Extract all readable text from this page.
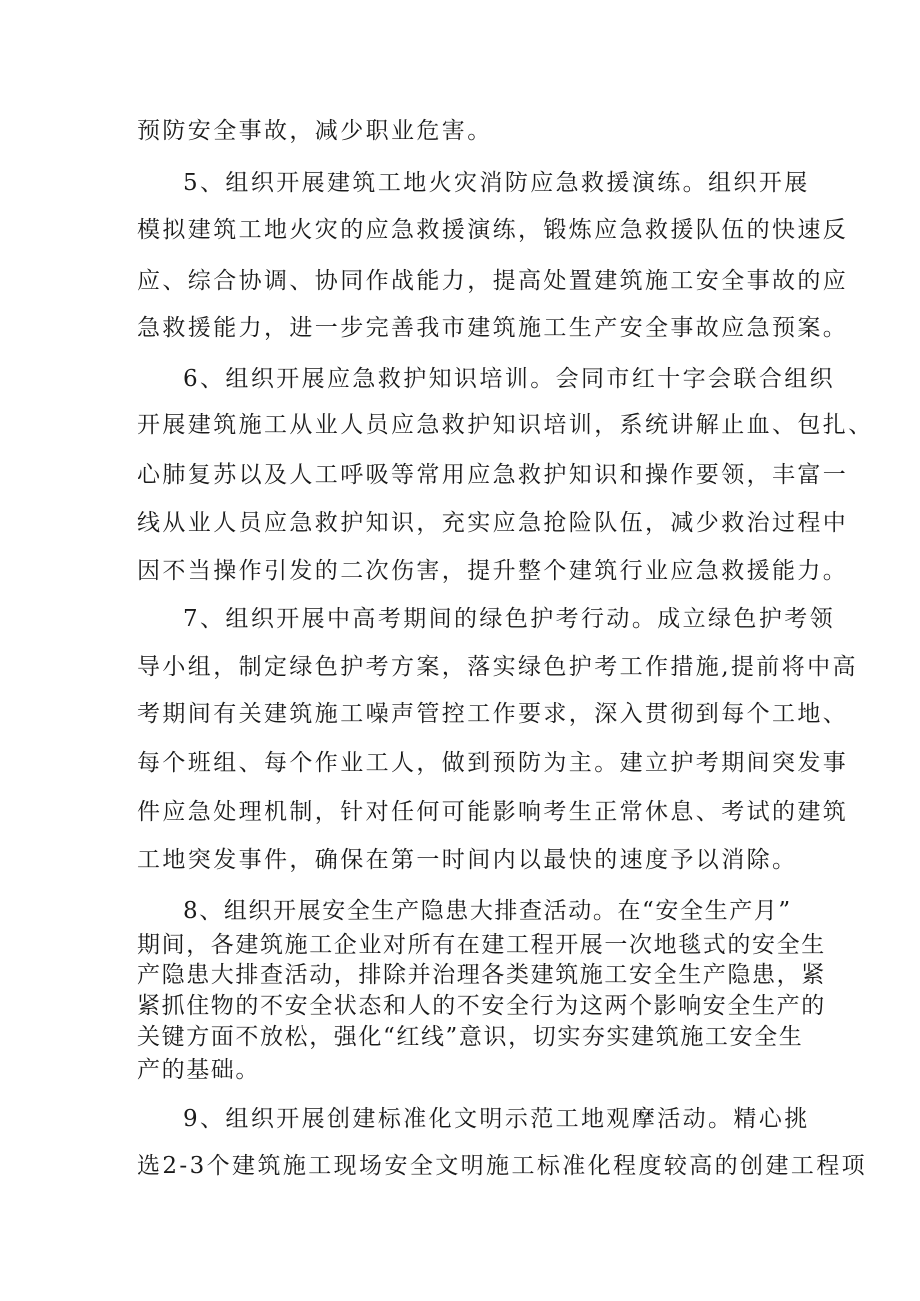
预防安全事故，减少职业危害。
5、组织开展建筑工地火灾消防应急救援演练。组织开展
模拟建筑工地火灾的应急救援演练，锻炼应急救援队伍的快速反
应、综合协调、协同作战能力，提高处置建筑施工安全事故的应
急救援能力，进一步完善我市建筑施工生产安全事故应急预案。
6、组织开展应急救护知识培训。会同市红十字会联合组织
开展建筑施工从业人员应急救护知识培训，系统讲解止血、包扎、
心肺复苏以及人工呼吸等常用应急救护知识和操作要领，丰富一
线从业人员应急救护知识，充实应急抢险队伍，减少救治过程中
因不当操作引发的二次伤害，提升整个建筑行业应急救援能力。
7、组织开展中高考期间的绿色护考行动。成立绿色护考领
导小组，制定绿色护考方案，落实绿色护考工作措施,提前将中高
考期间有关建筑施工噪声管控工作要求，深入贯彻到每个工地、
每个班组、每个作业工人，做到预防为主。建立护考期间突发事
件应急处理机制，针对任何可能影响考生正常休息、考试的建筑
工地突发事件，确保在第一时间内以最快的速度予以消除。
8、组织开展安全生产隐患大排查活动。在“安全生产月”
期间，各建筑施工企业对所有在建工程开展一次地毯式的安全生
产隐患大排查活动，排除并治理各类建筑施工安全生产隐患，紧
紧抓住物的不安全状态和人的不安全行为这两个影响安全生产的
关键方面不放松，强化“红线”意识，切实夯实建筑施工安全生
产的基础。
9、组织开展创建标准化文明示范工地观摩活动。精心挑
选2-3个建筑施工现场安全文明施工标准化程度较高的创建工程项
